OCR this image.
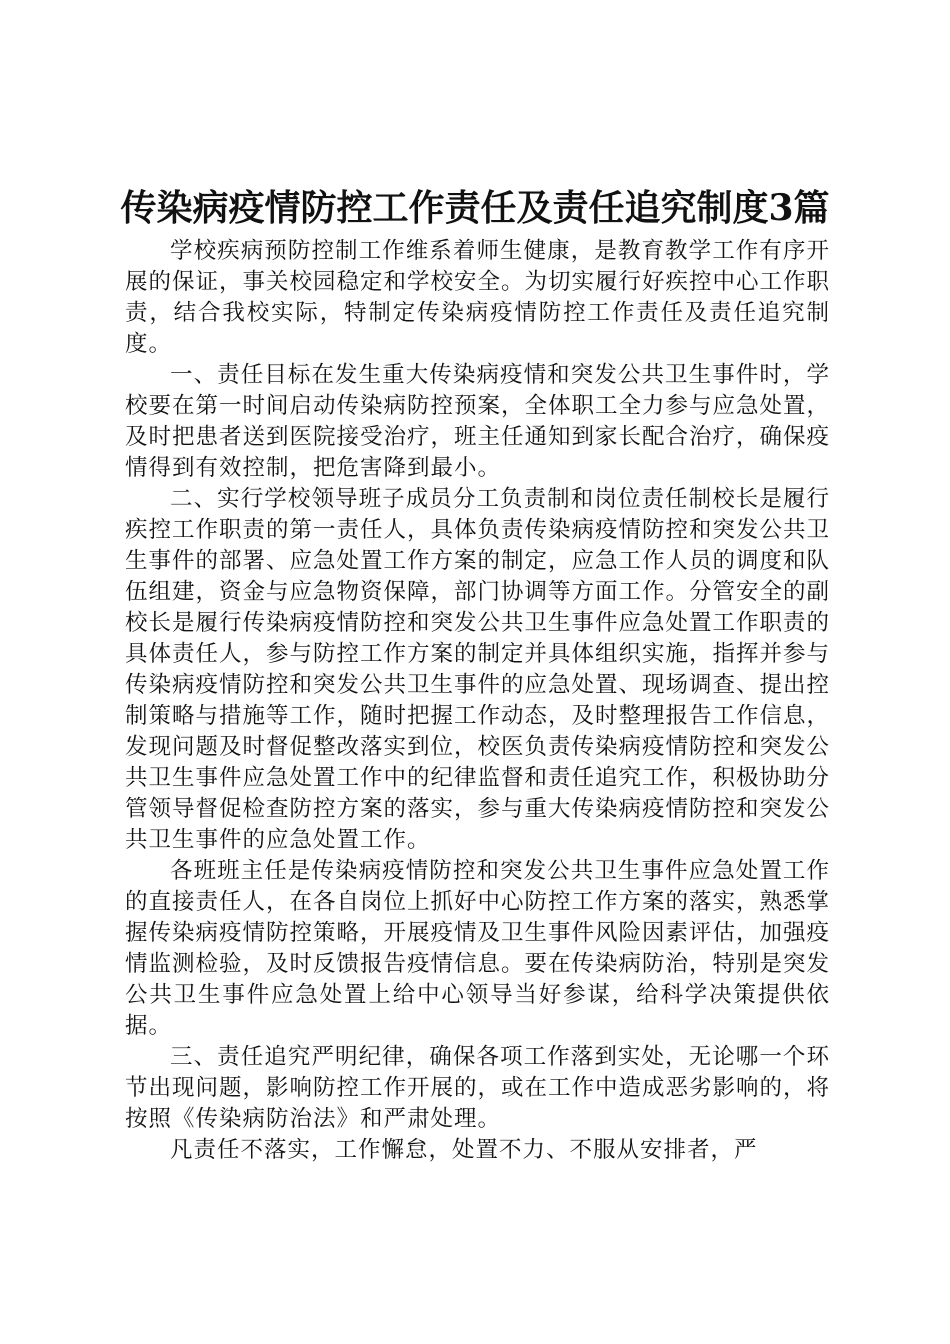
传染病疫情防控工作责任及责任追究制度3篇

学校疾病预防控制工作维系着师生健康，是教育教学工作有序开展的保证，事关校园稳定和学校安全。为切实履行好疾控中心工作职责，结合我校实际，特制定传染病疫情防控工作责任及责任追究制度。

一、责任目标在发生重大传染病疫情和突发公共卫生事件时，学校要在第一时间启动传染病防控预案，全体职工全力参与应急处置，及时把患者送到医院接受治疗，班主任通知到家长配合治疗，确保疫情得到有效控制，把危害降到最小。

二、实行学校领导班子成员分工负责制和岗位责任制校长是履行疾控工作职责的第一责任人，具体负责传染病疫情防控和突发公共卫生事件的部署、应急处置工作方案的制定，应急工作人员的调度和队伍组建，资金与应急物资保障，部门协调等方面工作。分管安全的副校长是履行传染病疫情防控和突发公共卫生事件应急处置工作职责的具体责任人，参与防控工作方案的制定并具体组织实施，指挥并参与传染病疫情防控和突发公共卫生事件的应急处置、现场调查、提出控制策略与措施等工作，随时把握工作动态，及时整理报告工作信息，发现问题及时督促整改落实到位，校医负责传染病疫情防控和突发公共卫生事件应急处置工作中的纪律监督和责任追究工作，积极协助分管领导督促检查防控方案的落实，参与重大传染病疫情防控和突发公共卫生事件的应急处置工作。

各班班主任是传染病疫情防控和突发公共卫生事件应急处置工作的直接责任人，在各自岗位上抓好中心防控工作方案的落实，熟悉掌握传染病疫情防控策略，开展疫情及卫生事件风险因素评估，加强疫情监测检验，及时反馈报告疫情信息。要在传染病防治，特别是突发公共卫生事件应急处置上给中心领导当好参谋，给科学决策提供依据。

三、责任追究严明纪律，确保各项工作落到实处，无论哪一个环节出现问题，影响防控工作开展的，或在工作中造成恶劣影响的，将按照《传染病防治法》和严肃处理。

凡责任不落实，工作懈怠，处置不力、不服从安排者，严
